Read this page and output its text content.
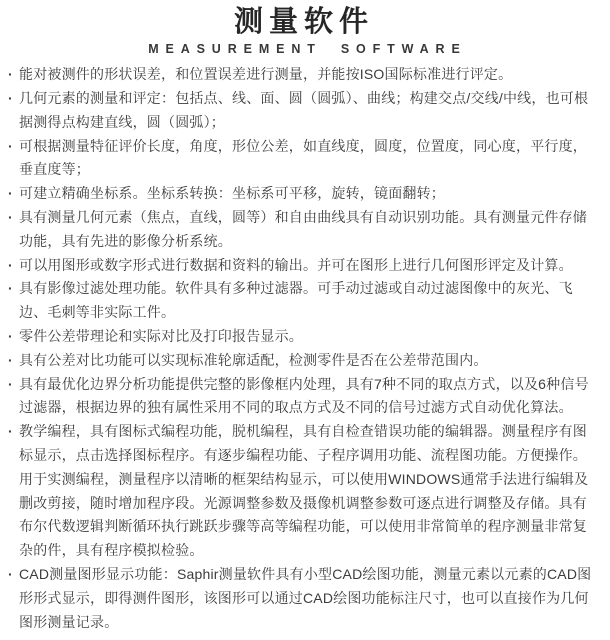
测量软件
MEASUREMENT SOFTWARE
· 能对被测件的形状误差，和位置误差进行测量，并能按ISO国际标准进行评定。
· 几何元素的测量和评定：包括点、线、面、圆（圆弧）、曲线；构建交点/交线/中线，也可根据测得点构建直线，圆（圆弧）；
· 可根据测量特征评价长度，角度，形位公差，如直线度，圆度，位置度，同心度，平行度，垂直度等；
· 可建立精确坐标系。坐标系转换：坐标系可平移，旋转，镜面翻转；
· 具有测量几何元素（焦点，直线，圆等）和自由曲线具有自动识别功能。具有测量元件存储功能，具有先进的影像分析系统。
· 可以用图形或数字形式进行数据和资料的输出。并可在图形上进行几何图形评定及计算。
· 具有影像过滤处理功能。软件具有多种过滤器。可手动过滤或自动过滤图像中的灰光、飞边、毛刺等非实际工件。
· 零件公差带理论和实际对比及打印报告显示。
· 具有公差对比功能可以实现标准轮廓适配，检测零件是否在公差带范围内。
· 具有最优化边界分析功能提供完整的影像框内处理，具有7种不同的取点方式，以及6种信号过滤器，根据边界的独有属性采用不同的取点方式及不同的信号过滤方式自动优化算法。
· 教学编程，具有图标式编程功能，脱机编程，具有自检查错误功能的编辑器。测量程序有图标显示，点击选择图标程序。有逐步编程功能、子程序调用功能、流程图功能。方便操作。用于实测编程，测量程序以清晰的框架结构显示，可以使用WINDOWS通常手法进行编辑及删改剪接，随时增加程序段。光源调整参数及摄像机调整参数可逐点进行调整及存储。具有布尔代数逻辑判断循环执行跳跃步骤等高等编程功能，可以使用非常简单的程序测量非常复杂的件，具有程序模拟检验。
· CAD测量图形显示功能：Saphir测量软件具有小型CAD绘图功能，测量元素以元素的CAD图形形式显示，即得测件图形，该图形可以通过CAD绘图功能标注尺寸，也可以直接作为几何图形测量记录。
